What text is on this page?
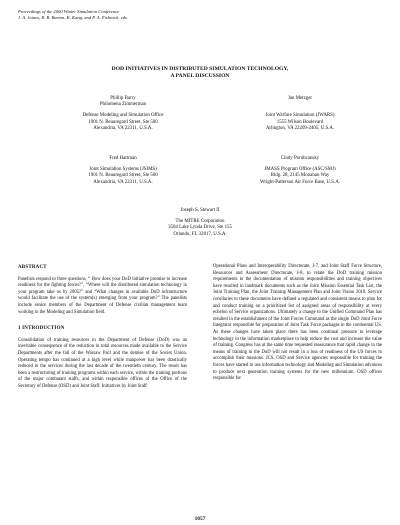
Proceedings of the 2000 Winter Simulation Conference
J. A. Joines, R. R. Barton, K. Kang, and P. A. Fishwick, eds.
DOD INITIATIVES IN DISTRIBUTED SIMULATION TECHNOLOGY,
A PANEL DISCUSSION
Phillip Barry
Philomena Zimmerman
Defense Modeling and Simulation Office
1901 N. Beauregard Street, Ste 500
Alexandria, VA 22311, U.S.A.
Jan Metzger
Joint Warfare Simulation (JWARS)
1555 Wilson Boulevard
Arlington, VA 22209-2405, U.S.A.
Fred Hartman
Joint Simulation Systems (JSIMS)
1901 N. Beauregard Street, Ste 500
Alexandria, VA 22311, U.S.A.
Cindy Porubcansky
JMASS Program Office (ASC/SMJ)
Bldg. 28, 2145 Monahan Way
Wright-Patterson Air Force Base, U.S.A.
Joseph S. Stewart II
The MITRE Corporation
3504 Lake Lynda Drive, Ste 155
Orlando, FL 32817, U.S.A.
ABSTRACT
Panelists respond to three questions, “ How does your DoD initiative promise to increase readiness for the fighting forces?”, “Where will the distributed simulation technology in your program take us by 2005?” and “What changes in available DoD infrastructure would facilitate the use of the system(s) emerging from your program?” The panelists include senior members of the Department of Defense civilian management team working in the Modeling and Simulation field.
1 INTRODUCTION
Consolidation of training resources in the Department of Defense (DoD) was an inevitable consequence of the reduction in total resources made available to the Service Departments after the fall of the Warsaw Pact and the demise of the Soviet Union. Operating tempo has continued at a high level while manpower has been drastically reduced in the services during the last decade of the twentieth century. The result has been a restructuring of training programs within each service, within the training portions of the major combatant staffs, and within responsible offices of the Office of the Secretary of Defense (OSD) and Joint Staff. Initiatives by Joint Staff
Operational Plans and Interoperability Directorate, J-7, and Joint Staff Force Structure, Resources and Assessment Directorate, J-8, to relate the DoD training mission requirements to the documentation of mission responsibilities and training objectives have resulted in landmark documents such as the Joint Mission Essential Task List, the Joint Training Plan, the Joint Training Management Plan and Joint Vision 2010. Service corollaries to these documents have defined a regulated and consistent means to plan for and conduct training on a prioritized list of assigned areas of responsibility at every echelon of Service organizations. Ultimately a change to the Unified Command Plan has resulted in the establishment of the Joint Forces Command as the single DoD Joint Force Integrator responsible for preparation of Joint Task Force packages in the continental US. As these changes have taken place there has been continual pressure to leverage technology in the information marketplace to help reduce the cost and increase the value of training. Congress has at the same time requested reassurance that rapid change in the means of training in the DoD will not result in a loss of readiness of the US forces to accomplish their missions. JCS, OSD and Service agencies responsible for training the forces have started to use information technology and Modeling and Simulation advances to produce next generation training systems for the new millennium. OSD offices responsible for
1057
